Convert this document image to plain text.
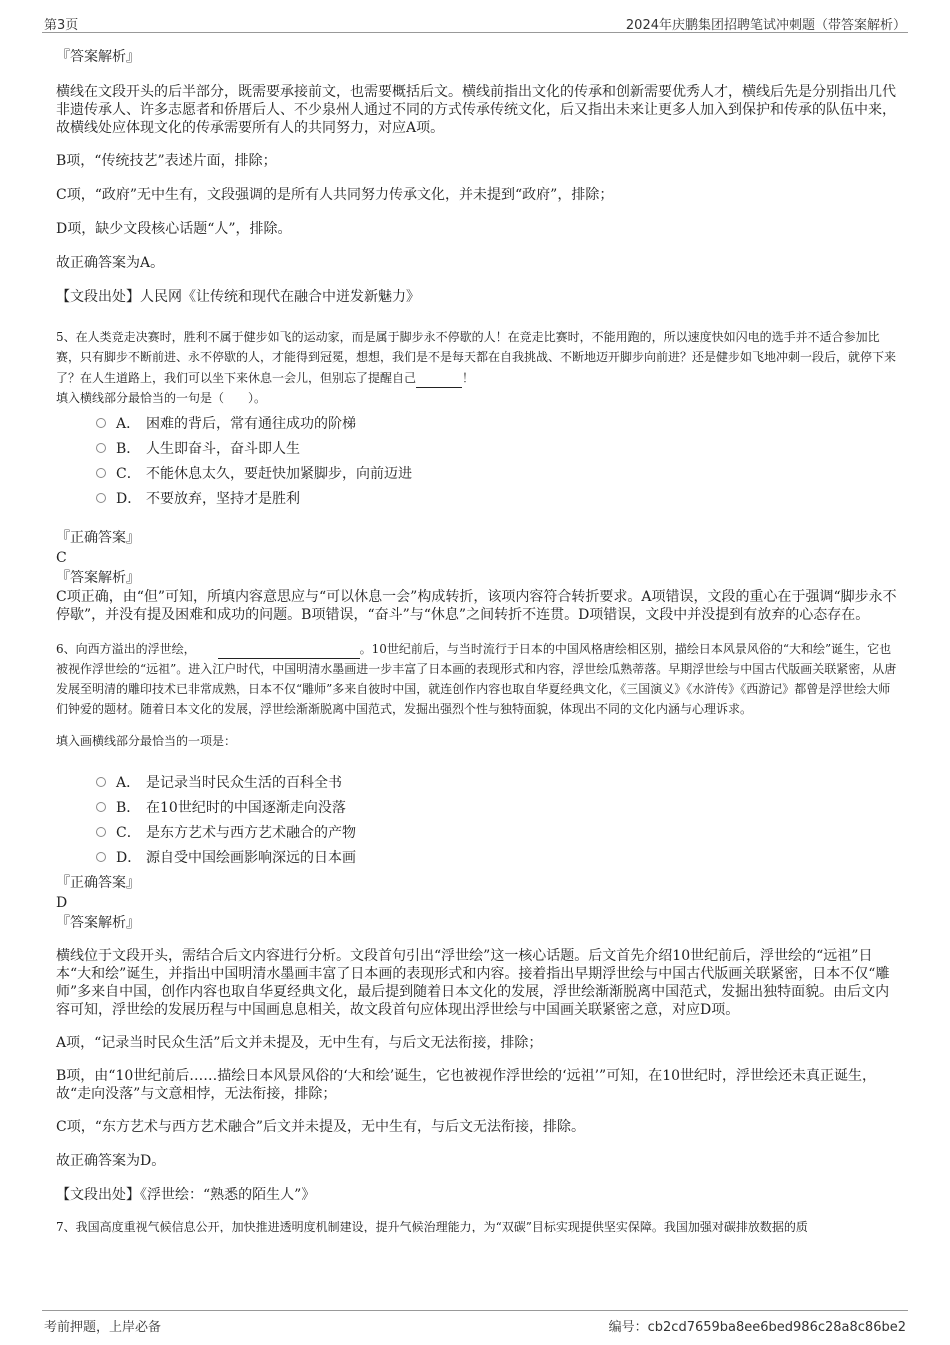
第3页	2024年庆鹏集团招聘笔试冲刺题（带答案解析）
『答案解析』
横线在文段开头的后半部分，既需要承接前文，也需要概括后文。横线前指出文化的传承和创新需要优秀人才，横线后先是分别指出几代非遗传承人、许多志愿者和侨厝后人、不少泉州人通过不同的方式传承传统文化，后又指出未来让更多人加入到保护和传承的队伍中来，故横线处应体现文化的传承需要所有人的共同努力，对应A项。
B项，“传统技艺”表述片面，排除；
C项，“政府”无中生有，文段强调的是所有人共同努力传承文化，并未提到“政府”，排除；
D项，缺少文段核心话题“人”，排除。
故正确答案为A。
【文段出处】人民网《让传统和现代在融合中迸发新魅力》
5、在人类竞走决赛时，胜利不属于健步如飞的运动家，而是属于脚步永不停歇的人！在竞走比赛时，不能用跑的，所以速度快如闪电的选手并不适合参加比赛，只有脚步不断前进、永不停歇的人，才能得到冠冕，想想，我们是不是每天都在自我挑战、不断地迈开脚步向前进？还是健步如飞地冲刺一段后，就停下来了？在人生道路上，我们可以坐下来休息一会儿，但别忘了提醒自己	！
填入横线部分最恰当的一句是（　　）。
A． 困难的背后，常有通往成功的阶梯
B． 人生即奋斗，奋斗即人生
C． 不能休息太久，要赶快加紧脚步，向前迈进
D． 不要放弃，坚持才是胜利
『正确答案』
C
『答案解析』
C项正确，由“但”可知，所填内容意思应与“可以休息一会”构成转折，该项内容符合转折要求。A项错误，文段的重心在于强调“脚步永不停歇”，并没有提及困难和成功的问题。B项错误，“奋斗”与“休息”之间转折不连贯。D项错误，文段中并没提到有放弃的心态存在。
6、向西方溢出的浮世绘，	。10世纪前后，与当时流行于日本的中国风格唐绘相区别，描绘日本风景风俗的“大和绘”诞生，它也被视作浮世绘的“远祖”。进入江户时代，中国明清水墨画进一步丰富了日本画的表现形式和内容，浮世绘瓜熟蒂落。早期浮世绘与中国古代版画关联紧密，从唐发展至明清的雕印技术已非常成熟，日本不仅“雕师”多来自彼时中国，就连创作内容也取自华夏经典文化，《三国演义》《水浒传》《西游记》都曾是浮世绘大师们钟爱的题材。随着日本文化的发展，浮世绘渐渐脱离中国范式，发掘出强烈个性与独特面貌，体现出不同的文化内涵与心理诉求。
填入画横线部分最恰当的一项是：
A． 是记录当时民众生活的百科全书
B． 在10世纪时的中国逐渐走向没落
C． 是东方艺术与西方艺术融合的产物
D． 源自受中国绘画影响深远的日本画
『正确答案』
D
『答案解析』
横线位于文段开头，需结合后文内容进行分析。文段首句引出“浮世绘”这一核心话题。后文首先介绍10世纪前后，浮世绘的“远祖”日本“大和绘”诞生，并指出中国明清水墨画丰富了日本画的表现形式和内容。接着指出早期浮世绘与中国古代版画关联紧密，日本不仅“雕师”多来自中国，创作内容也取自华夏经典文化，最后提到随着日本文化的发展，浮世绘渐渐脱离中国范式，发掘出独特面貌。由后文内容可知，浮世绘的发展历程与中国画息息相关，故文段首句应体现出浮世绘与中国画关联紧密之意，对应D项。
A项，“记录当时民众生活”后文并未提及，无中生有，与后文无法衔接，排除；
B项，由“10世纪前后……描绘日本风景风俗的‘大和绘’诞生，它也被视作浮世绘的‘远祖’”可知，在10世纪时，浮世绘还未真正诞生，故“走向没落”与文意相悖，无法衔接，排除；
C项，“东方艺术与西方艺术融合”后文并未提及，无中生有，与后文无法衔接，排除。
故正确答案为D。
【文段出处】《浮世绘：“熟悉的陌生人”》
7、我国高度重视气候信息公开，加快推进透明度机制建设，提升气候治理能力，为“双碳”目标实现提供坚实保障。我国加强对碳排放数据的质
考前押题，上岸必备	编号：cb2cd7659ba8ee6bed986c28a8c86be2
